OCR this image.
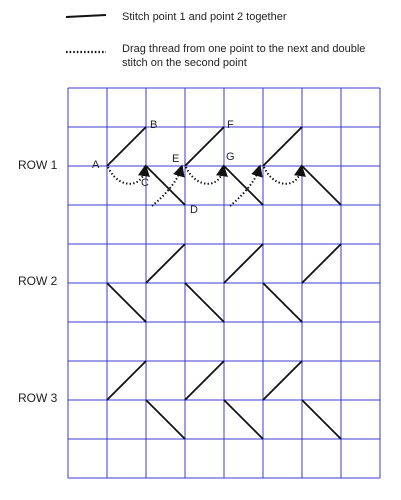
Stitch point 1 and point 2 together
Drag thread from one point to the next and double stitch on the second point
ROW 1
ROW 2
ROW 3
A
B
C
D
E
F
G
